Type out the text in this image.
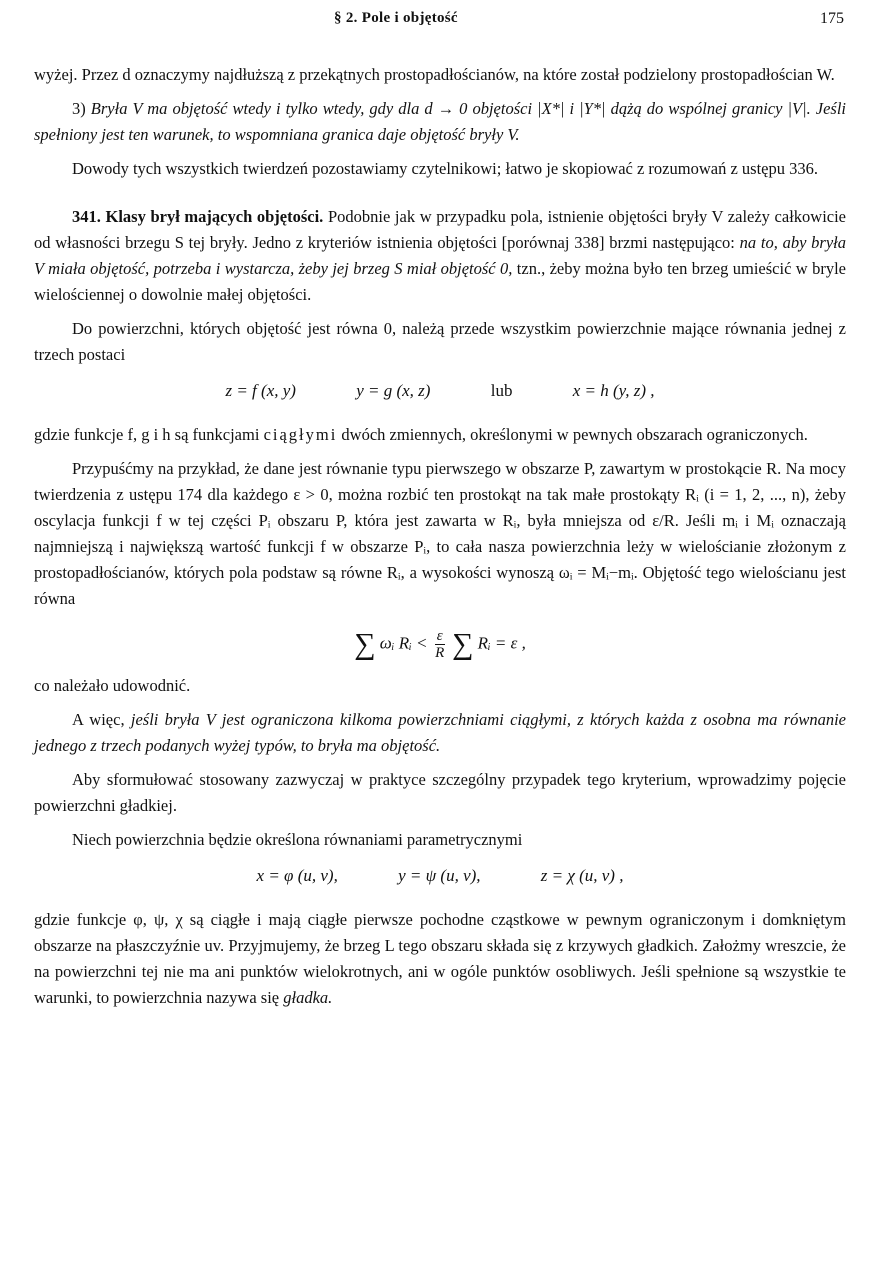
§ 2. Pole i objętość	175

wyżej. Przez d oznaczymy najdłuższą z przekątnych prostopadłościanów, na które został podzielony prostopadłościan W.

3) Bryła V ma objętość wtedy i tylko wtedy, gdy dla d → 0 objętości |X*| i |Y*| dążą do wspólnej granicy |V|. Jeśli spełniony jest ten warunek, to wspomniana granica daje objętość bryły V.

Dowody tych wszystkich twierdzeń pozostawiamy czytelnikowi; łatwo je skopiować z rozumowań z ustępu 336.

341. Klasy brył mających objętości. Podobnie jak w przypadku pola, istnienie objętości bryły V zależy całkowicie od własności brzegu S tej bryły. Jedno z kryteriów istnienia objętości [porównaj 338] brzmi następująco: na to, aby bryła V miała objętość, potrzeba i wystarcza, żeby jej brzeg S miał objętość 0, tzn., żeby można było ten brzeg umieścić w bryle wielościennej o dowolnie małej objętości.

Do powierzchni, których objętość jest równa 0, należą przede wszystkim powierzchnie mające równania jednej z trzech postaci

z = f (x, y)	y = g (x, z)	lub	x = h (y, z) ,

gdzie funkcje f, g i h są funkcjami ciągłymi dwóch zmiennych, określonymi w pewnych obszarach ograniczonych.

Przypuśćmy na przykład, że dane jest równanie typu pierwszego w obszarze P, zawartym w prostokącie R. Na mocy twierdzenia z ustępu 174 dla każdego ε > 0, można rozbić ten prostokąt na tak małe prostokąty Rᵢ (i = 1, 2, ..., n), żeby oscylacja funkcji f w tej części Pᵢ obszaru P, która jest zawarta w Rᵢ, była mniejsza od ε/R. Jeśli mᵢ i Mᵢ oznaczają najmniejszą i największą wartość funkcji f w obszarze Pᵢ, to cała nasza powierzchnia leży w wielościanie złożonym z prostopadłościanów, których pola podstaw są równe Rᵢ, a wysokości wynoszą ωᵢ = Mᵢ−mᵢ. Objętość tego wielościanu jest równa

∑ ωᵢ Rᵢ < $\frac{\varepsilon}{R}$ ∑ Rᵢ = ε ,

co należało udowodnić.

A więc, jeśli bryła V jest ograniczona kilkoma powierzchniami ciągłymi, z których każda z osobna ma równanie jednego z trzech podanych wyżej typów, to bryła ma objętość.

Aby sformułować stosowany zazwyczaj w praktyce szczególny przypadek tego kryterium, wprowadzimy pojęcie powierzchni gładkiej.

Niech powierzchnia będzie określona równaniami parametrycznymi

x = φ (u, v),	y = ψ (u, v),	z = χ (u, v) ,

gdzie funkcje φ, ψ, χ są ciągłe i mają ciągłe pierwsze pochodne cząstkowe w pewnym ograniczonym i domkniętym obszarze na płaszczyźnie uv. Przyjmujemy, że brzeg L tego obszaru składa się z krzywych gładkich. Założmy wreszcie, że na powierzchni tej nie ma ani punktów wielokrotnych, ani w ogóle punktów osobliwych. Jeśli spełnione są wszystkie te warunki, to powierzchnia nazywa się gładka.
